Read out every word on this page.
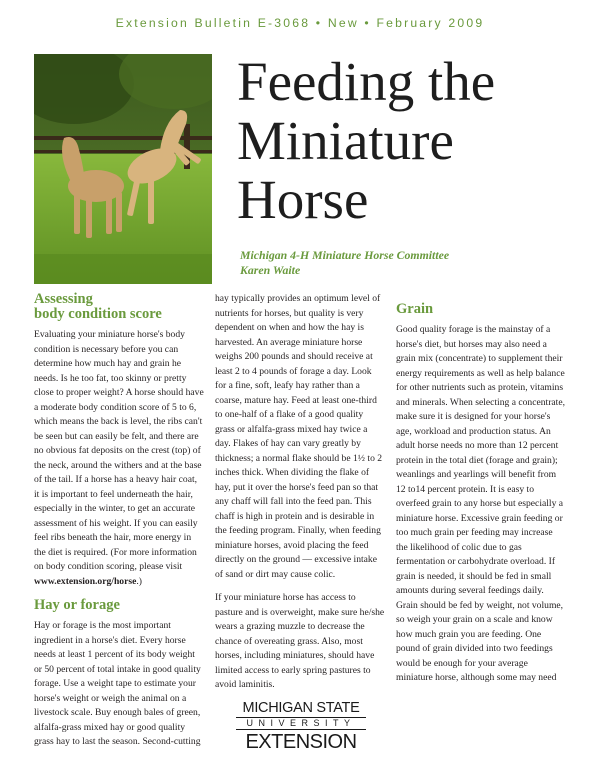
Extension Bulletin E-3068 • New • February 2009
Feeding the
Miniature
Horse
Michigan 4-H Miniature Horse Committee
Karen Waite
Assessing
body condition score

Evaluating your miniature horse's body condition is necessary before you can determine how much hay and grain he needs. Is he too fat, too skinny or pretty close to proper weight? A horse should have a moderate body condition score of 5 to 6, which means the back is level, the ribs can't be seen but can easily be felt, and there are no obvious fat deposits on the crest (top) of the neck, around the withers and at the base of the tail. If a horse has a heavy hair coat, it is important to feel underneath the hair, especially in the winter, to get an accurate assessment of his weight. If you can easily feel ribs beneath the hair, more energy in the diet is required. (For more information on body condition scoring, please visit www.extension.org/horse.)

Hay or forage

Hay or forage is the most important ingredient in a horse's diet. Every horse needs at least 1 percent of its body weight or 50 percent of total intake in good quality forage. Use a weight tape to estimate your horse's weight or weigh the animal on a livestock scale. Buy enough bales of green, alfalfa-grass mixed hay or good quality grass hay to last the season. Second-cutting

hay typically provides an optimum level of nutrients for horses, but quality is very dependent on when and how the hay is harvested. An average miniature horse weighs 200 pounds and should receive at least 2 to 4 pounds of forage a day. Look for a fine, soft, leafy hay rather than a coarse, mature hay. Feed at least one-third to one-half of a flake of a good quality grass or alfalfa-grass mixed hay twice a day. Flakes of hay can vary greatly by thickness; a normal flake should be 1½ to 2 inches thick. When dividing the flake of hay, put it over the horse's feed pan so that any chaff will fall into the feed pan. This chaff is high in protein and is desirable in the feeding program. Finally, when feeding miniature horses, avoid placing the feed directly on the ground — excessive intake of sand or dirt may cause colic.

If your miniature horse has access to pasture and is overweight, make sure he/she wears a grazing muzzle to decrease the chance of overeating grass. Also, most horses, including miniatures, should have limited access to early spring pastures to avoid laminitis.

Grain

Good quality forage is the mainstay of a horse's diet, but horses may also need a grain mix (concentrate) to supplement their energy requirements as well as help balance for other nutrients such as protein, vitamins and minerals. When selecting a concentrate, make sure it is designed for your horse's age, workload and production status. An adult horse needs no more than 12 percent protein in the total diet (forage and grain); weanlings and yearlings will benefit from 12 to14 percent protein. It is easy to overfeed grain to any horse but especially a miniature horse. Excessive grain feeding or too much grain per feeding may increase the likelihood of colic due to gas fermentation or carbohydrate overload. If grain is needed, it should be fed in small amounts during several feedings daily. Grain should be fed by weight, not volume, so weigh your grain on a scale and know how much grain you are feeding. One pound of grain divided into two feedings would be enough for your average miniature horse, although some may need

MICHIGAN STATE
UNIVERSITY
EXTENSION
